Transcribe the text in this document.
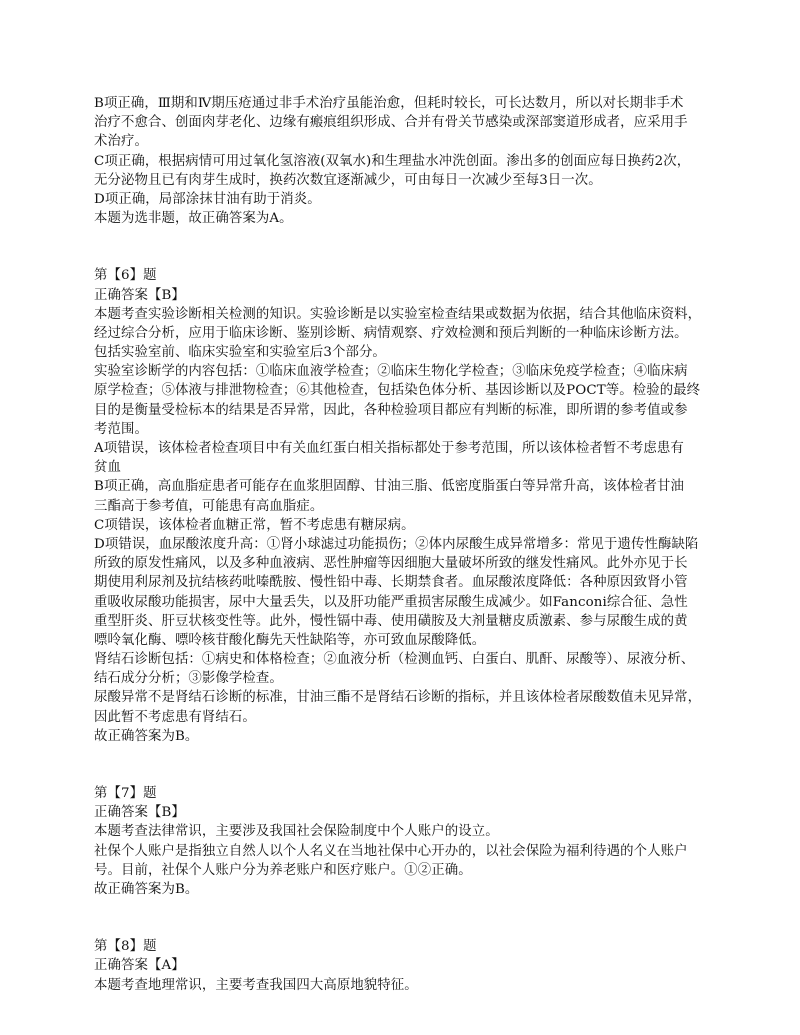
B项正确，Ⅲ期和Ⅳ期压疮通过非手术治疗虽能治愈，但耗时较长，可长达数月，所以对长期非手术
治疗不愈合、创面肉芽老化、边缘有瘢痕组织形成、合并有骨关节感染或深部窦道形成者，应采用手
术治疗。
C项正确，根据病情可用过氧化氢溶液(双氧水)和生理盐水冲洗创面。渗出多的创面应每日换药2次，
无分泌物且已有肉芽生成时，换药次数宜逐渐减少，可由每日一次减少至每3日一次。
D项正确，局部涂抹甘油有助于消炎。
本题为选非题，故正确答案为A。
第【6】题
正确答案【B】
本题考查实验诊断相关检测的知识。实验诊断是以实验室检查结果或数据为依据，结合其他临床资料，
经过综合分析，应用于临床诊断、鉴别诊断、病情观察、疗效检测和预后判断的一种临床诊断方法。
包括实验室前、临床实验室和实验室后3个部分。
实验室诊断学的内容包括：①临床血液学检查；②临床生物化学检查；③临床免疫学检查；④临床病
原学检查；⑤体液与排泄物检查；⑥其他检查，包括染色体分析、基因诊断以及POCT等。检验的最终
目的是衡量受检标本的结果是否异常，因此，各种检验项目都应有判断的标准，即所谓的参考值或参
考范围。
A项错误，该体检者检查项目中有关血红蛋白相关指标都处于参考范围，所以该体检者暂不考虑患有
贫血
B项正确，高血脂症患者可能存在血浆胆固醇、甘油三脂、低密度脂蛋白等异常升高，该体检者甘油
三酯高于参考值，可能患有高血脂症。
C项错误，该体检者血糖正常，暂不考虑患有糖尿病。
D项错误，血尿酸浓度升高：①肾小球滤过功能损伤；②体内尿酸生成异常增多：常见于遗传性酶缺陷
所致的原发性痛风，以及多种血液病、恶性肿瘤等因细胞大量破坏所致的继发性痛风。此外亦见于长
期使用利尿剂及抗结核药吡嗪酰胺、慢性铅中毒、长期禁食者。血尿酸浓度降低：各种原因致肾小管
重吸收尿酸功能损害，尿中大量丢失，以及肝功能严重损害尿酸生成减少。如Fanconi综合征、急性
重型肝炎、肝豆状核变性等。此外，慢性镉中毒、使用磺胺及大剂量糖皮质激素、参与尿酸生成的黄
嘌呤氧化酶、嘌呤核苷酸化酶先天性缺陷等，亦可致血尿酸降低。
肾结石诊断包括：①病史和体格检查；②血液分析（检测血钙、白蛋白、肌酐、尿酸等）、尿液分析、
结石成分分析；③影像学检查。
尿酸异常不是肾结石诊断的标准，甘油三酯不是肾结石诊断的指标，并且该体检者尿酸数值未见异常，
因此暂不考虑患有肾结石。
故正确答案为B。
第【7】题
正确答案【B】
本题考查法律常识，主要涉及我国社会保险制度中个人账户的设立。
社保个人账户是指独立自然人以个人名义在当地社保中心开办的，以社会保险为福利待遇的个人账户
号。目前，社保个人账户分为养老账户和医疗账户。①②正确。
故正确答案为B。
第【8】题
正确答案【A】
本题考查地理常识，主要考查我国四大高原地貌特征。
